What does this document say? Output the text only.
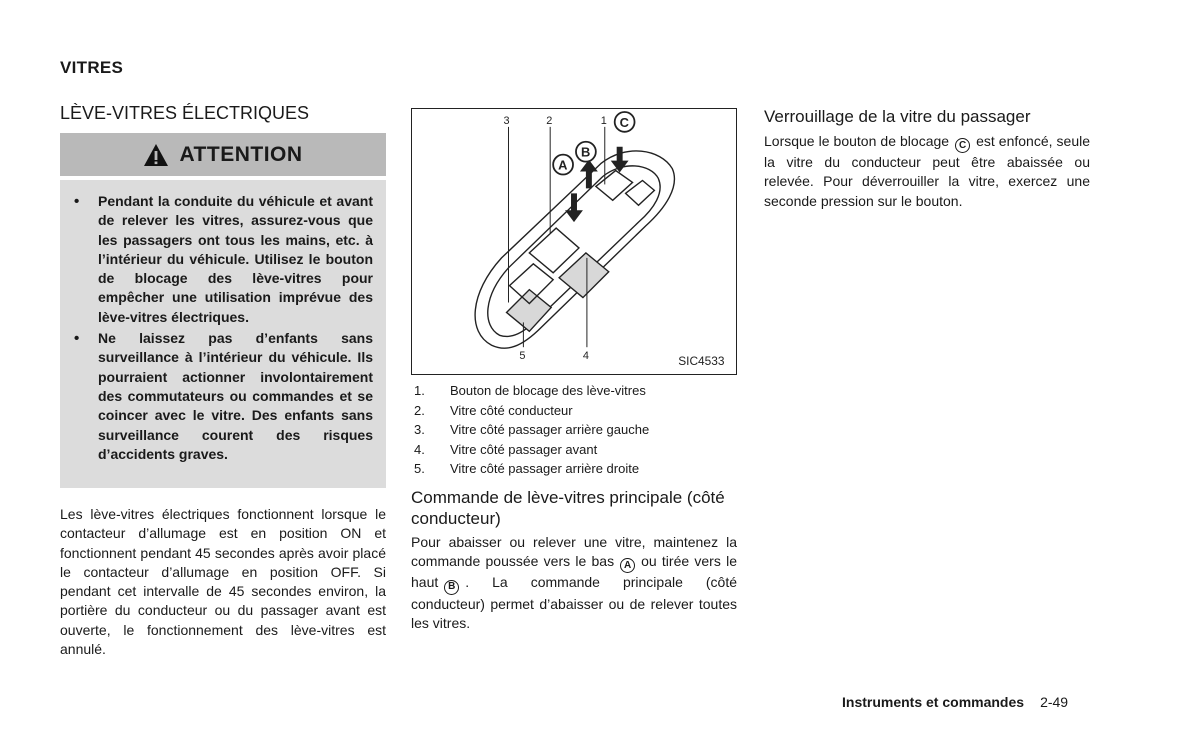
VITRES
LÈVE-VITRES ÉLECTRIQUES
ATTENTION
• Pendant la conduite du véhicule et avant de relever les vitres, assurez-vous que les passagers ont tous les mains, etc. à l’intérieur du véhicule. Utilisez le bouton de blocage des lève-vitres pour empêcher une utilisation imprévue des lève-vitres électriques.
• Ne laissez pas d’enfants sans surveillance à l’intérieur du véhicule. Ils pourraient actionner involontairement des commutateurs ou commandes et se coincer avec le vitre. Des enfants sans surveillance courent des risques d’accidents graves.
Les lève-vitres électriques fonctionnent lorsque le contacteur d’allumage est en position ON et fonctionnent pendant 45 secondes après avoir placé le contacteur d’allumage en position OFF. Si pendant cet intervalle de 45 secondes environ, la portière du conducteur ou du passager avant est ouverte, le fonctionnement des lève-vitres est annulé.
3	2	1
5	4	SIC4533
A
B
C
1.	Bouton de blocage des lève-vitres
2.	Vitre côté conducteur
3.	Vitre côté passager arrière gauche
4.	Vitre côté passager avant
5.	Vitre côté passager arrière droite
Commande de lève-vitres principale (côté conducteur)
Pour abaisser ou relever une vitre, maintenez la commande poussée vers le bas A ou tirée vers le haut B . La commande principale (côté conducteur) permet d’abaisser ou de relever toutes les vitres.
Verrouillage de la vitre du passager
Lorsque le bouton de blocage C est enfoncé, seule la vitre du conducteur peut être abaissée ou relevée. Pour déverrouiller la vitre, exercez une seconde pression sur le bouton.
Instruments et commandes 2-49
